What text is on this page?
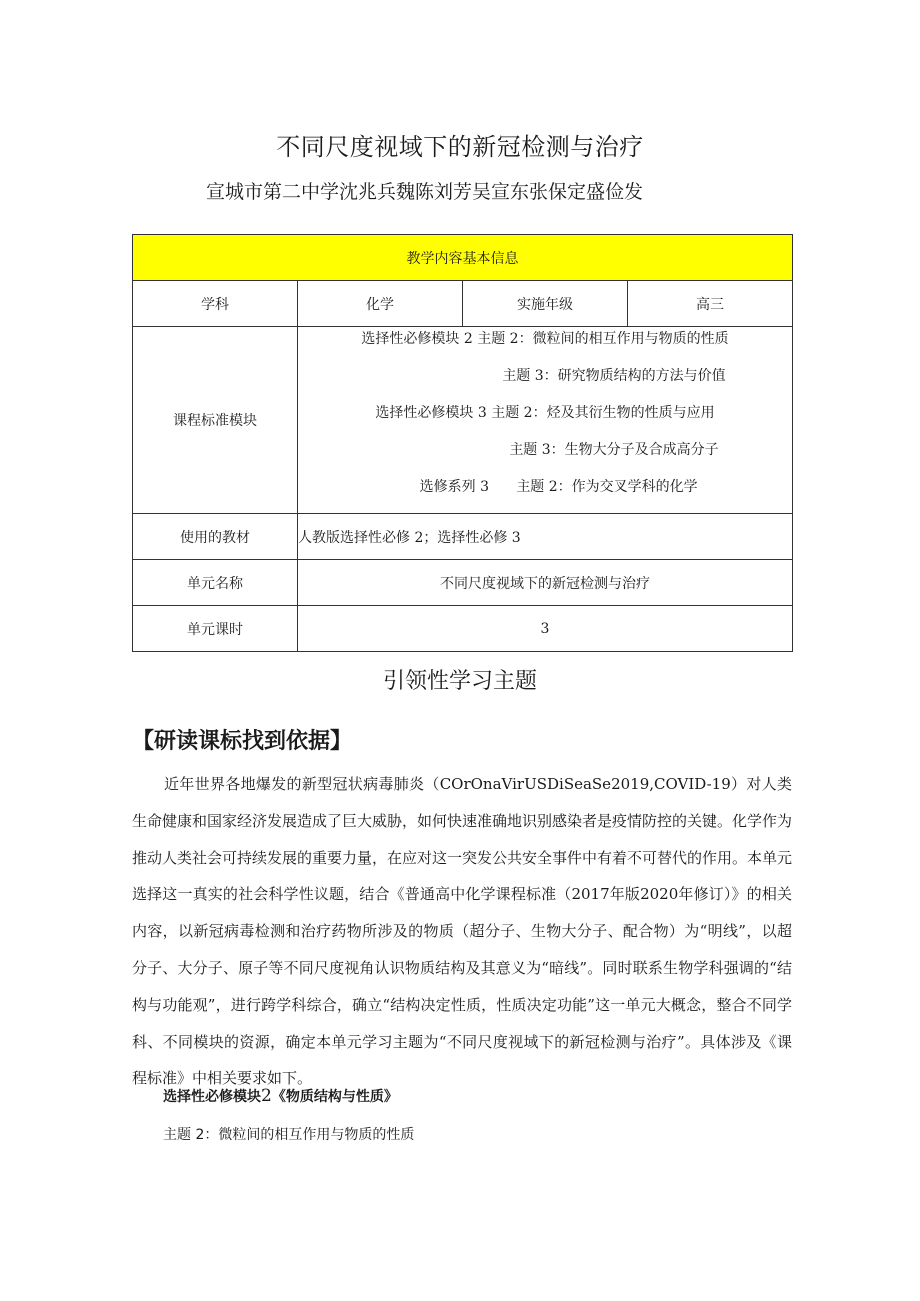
不同尺度视域下的新冠检测与治疗
宣城市第二中学沈兆兵魏陈刘芳吴宣东张保定盛俭发
教学内容基本信息			
学科	化学	实施年级	高三
课程标准模块	选择性必修模块 2 主题 2：微粒间的相互作用与物质的性质
主题 3：研究物质结构的方法与价值
选择性必修模块 3 主题 2：烃及其衍生物的性质与应用
主题 3：生物大分子及合成高分子
选修系列 3 主题 2：作为交叉学科的化学		

使用的教材	人教版选择性必修 2；选择性必修 3		
单元名称	不同尺度视域下的新冠检测与治疗		
单元课时	3		
引领性学习主题
【研读课标找到依据】
近年世界各地爆发的新型冠状病毒肺炎（COrOnaVirUSDiSeaSe2019,COVID-19）对人类生命健康和国家经济发展造成了巨大威胁，如何快速准确地识别感染者是疫情防控的关键。化学作为推动人类社会可持续发展的重要力量，在应对这一突发公共安全事件中有着不可替代的作用。本单元选择这一真实的社会科学性议题，结合《普通高中化学课程标准（2017年版2020年修订）》的相关内容，以新冠病毒检测和治疗药物所涉及的物质（超分子、生物大分子、配合物）为“明线”，以超分子、大分子、原子等不同尺度视角认识物质结构及其意义为“暗线”。同时联系生物学科强调的“结构与功能观”，进行跨学科综合，确立“结构决定性质，性质决定功能”这一单元大概念，整合不同学科、不同模块的资源，确定本单元学习主题为“不同尺度视域下的新冠检测与治疗”。具体涉及《课程标准》中相关要求如下。
选择性必修模块2《物质结构与性质》
主题 2：微粒间的相互作用与物质的性质
